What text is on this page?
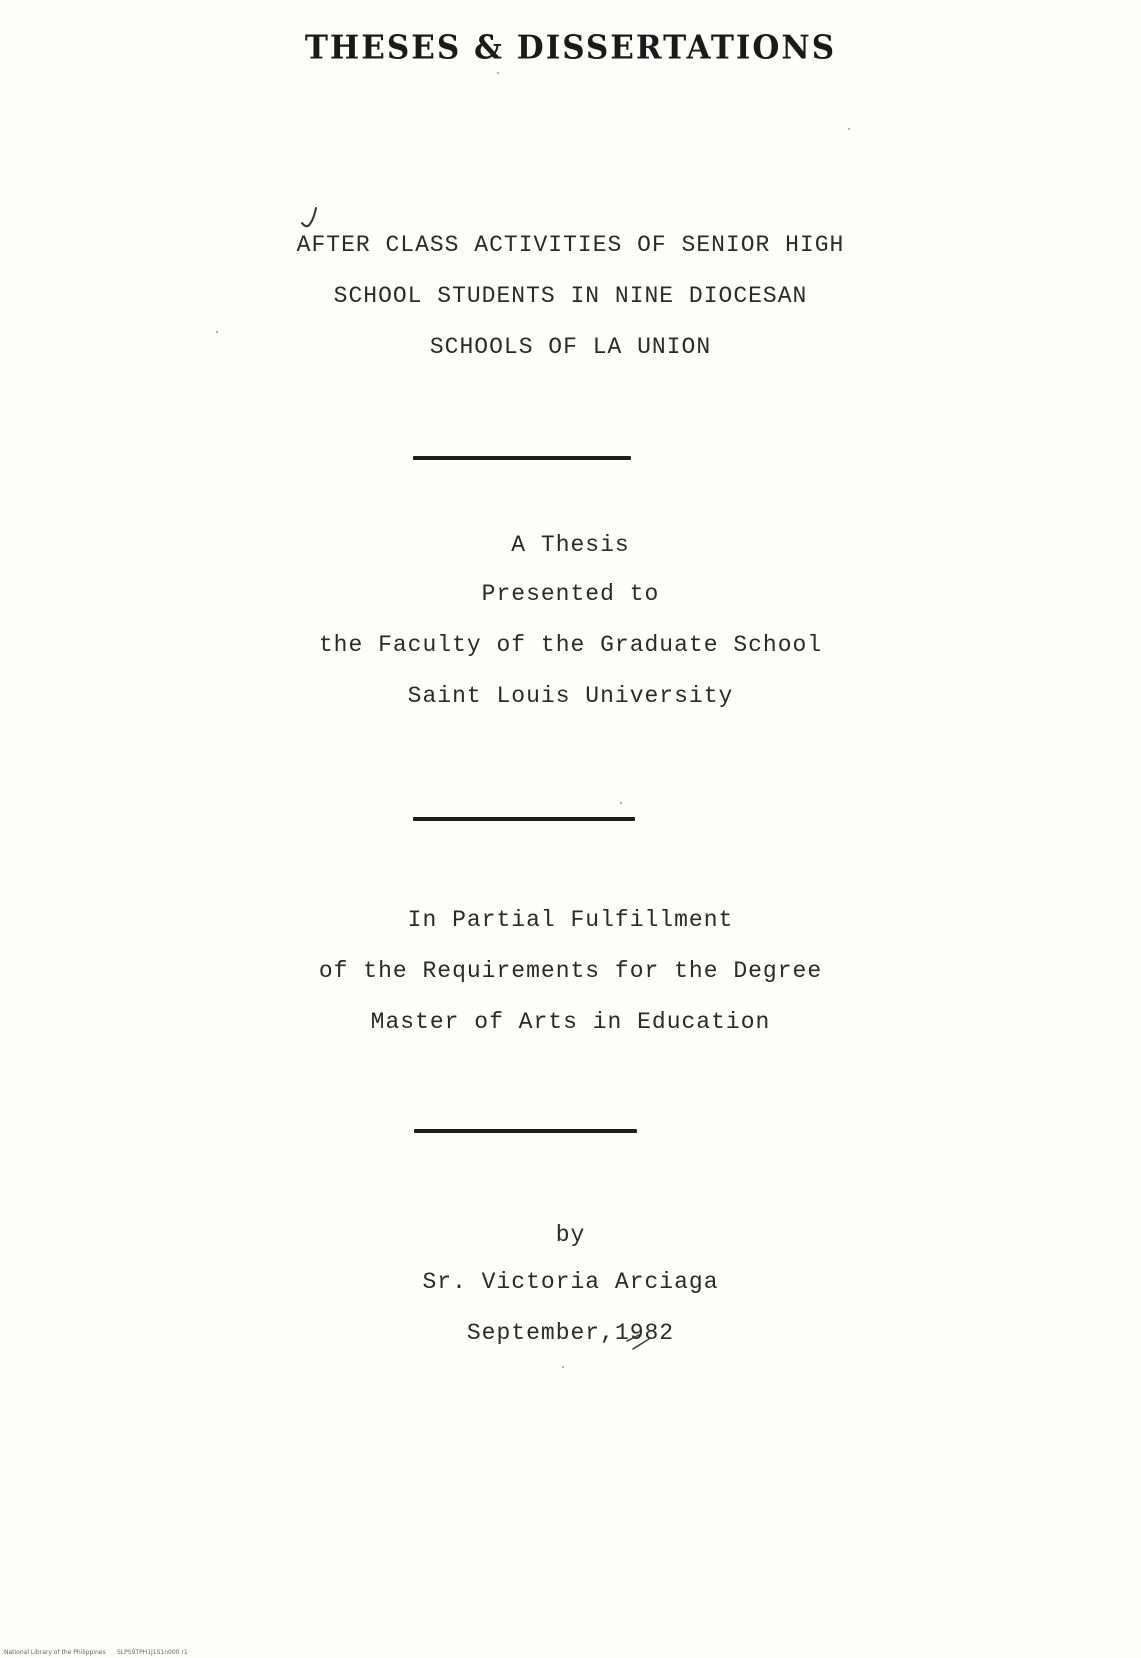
THESES & DISSERTATIONS
AFTER CLASS ACTIVITIES OF SENIOR HIGH
SCHOOL STUDENTS IN NINE DIOCESAN
SCHOOLS OF LA UNION
A Thesis
Presented to
the Faculty of the Graduate School
Saint Louis University
In Partial Fulfillment
of the Requirements for the Degree
Master of Arts in Education
by
Sr. Victoria Arciaga
September,1982
National Library of the Philippines      SLPS9TPH1J1S1n000 r1
